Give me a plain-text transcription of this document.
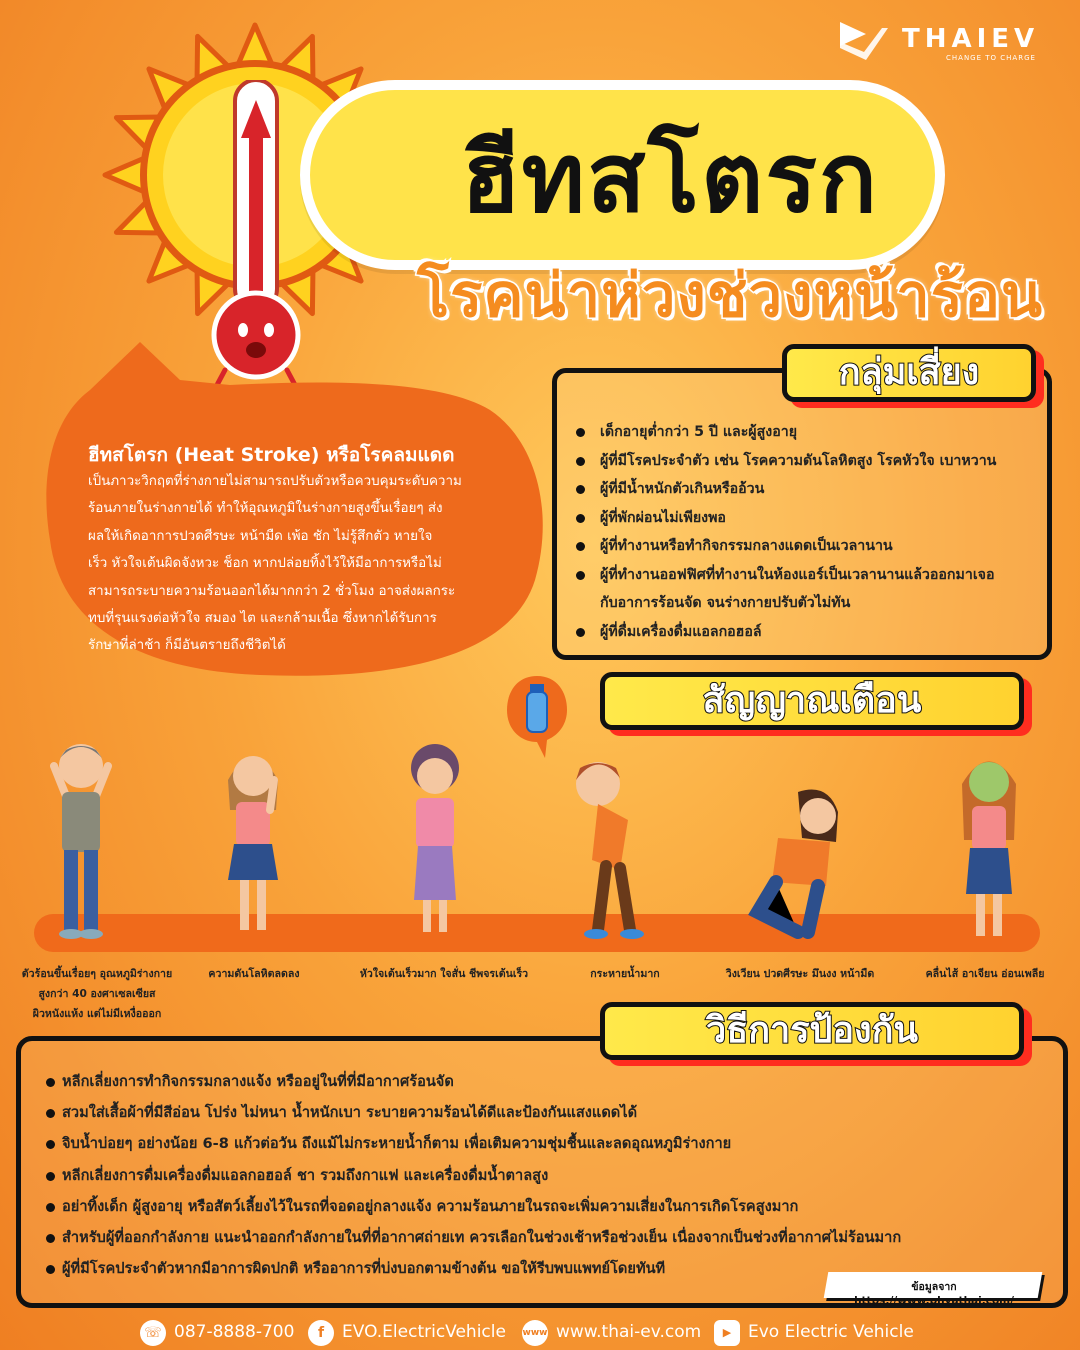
THAIEV
CHANGE TO CHARGE
ฮีทสโตรก
โรคน่าห่วงช่วงหน้าร้อน
ฮีทสโตรก (Heat Stroke) หรือโรคลมแดด
เป็นภาวะวิกฤตที่ร่างกายไม่สามารถปรับตัวหรือควบคุมระดับความ
ร้อนภายในร่างกายได้ ทำให้อุณหภูมิในร่างกายสูงขึ้นเรื่อยๆ ส่ง
ผลให้เกิดอาการปวดศีรษะ หน้ามืด เพ้อ ชัก ไม่รู้สึกตัว หายใจ
เร็ว หัวใจเต้นผิดจังหวะ ช็อก หากปล่อยทิ้งไว้ให้มีอาการหรือไม่
สามารถระบายความร้อนออกได้มากกว่า 2 ชั่วโมง อาจส่งผลกระ
ทบที่รุนแรงต่อหัวใจ สมอง ไต และกล้ามเนื้อ ซึ่งหากได้รับการ
รักษาที่ล่าช้า ก็มีอันตรายถึงชีวิตได้
กลุ่มเสี่ยง
เด็กอายุต่ำกว่า 5 ปี และผู้สูงอายุ
ผู้ที่มีโรคประจำตัว เช่น โรคความดันโลหิตสูง โรคหัวใจ เบาหวาน
ผู้ที่มีน้ำหนักตัวเกินหรืออ้วน
ผู้ที่พักผ่อนไม่เพียงพอ
ผู้ที่ทำงานหรือทำกิจกรรมกลางแดดเป็นเวลานาน
ผู้ที่ทำงานออฟฟิศที่ทำงานในห้องแอร์เป็นเวลานานแล้วออกมาเจอ
กับอาการร้อนจัด จนร่างกายปรับตัวไม่ทัน
ผู้ที่ดื่มเครื่องดื่มแอลกอฮอล์
สัญญาณเตือน
ตัวร้อนขึ้นเรื่อยๆ อุณหภูมิร่างกาย
สูงกว่า 40 องศาเซลเซียส
ผิวหนังแห้ง แต่ไม่มีเหงื่อออก
ความดันโลหิตลดลง	หัวใจเต้นเร็วมาก ใจสั่น ชีพจรเต้นเร็ว	กระหายน้ำมาก	วิงเวียน ปวดศีรษะ มึนงง หน้ามืด	คลื่นไส้ อาเจียน อ่อนเพลีย
วิธีการป้องกัน
หลีกเลี่ยงการทำกิจกรรมกลางแจ้ง หรืออยู่ในที่ที่มีอากาศร้อนจัด
สวมใส่เสื้อผ้าที่มีสีอ่อน โปร่ง ไม่หนา น้ำหนักเบา ระบายความร้อนได้ดีและป้องกันแสงแดดได้
จิบน้ำบ่อยๆ อย่างน้อย 6-8 แก้วต่อวัน ถึงแม้ไม่กระหายน้ำก็ตาม เพื่อเติมความชุ่มชื้นและลดอุณหภูมิร่างกาย
หลีกเลี่ยงการดื่มเครื่องดื่มแอลกอฮอล์ ชา รวมถึงกาแฟ และเครื่องดื่มน้ำตาลสูง
อย่าทิ้งเด็ก ผู้สูงอายุ หรือสัตว์เลี้ยงไว้ในรถที่จอดอยู่กลางแจ้ง ความร้อนภายในรถจะเพิ่มความเสี่ยงในการเกิดโรคสูงมาก
สำหรับผู้ที่ออกกำลังกาย แนะนำออกกำลังกายในที่ที่อากาศถ่ายเท ควรเลือกในช่วงเช้าหรือช่วงเย็น เนื่องจากเป็นช่วงที่อากาศไม่ร้อนมาก
ผู้ที่มีโรคประจำตัวหากมีอาการผิดปกติ หรืออาการที่บ่งบอกตามข้างต้น ขอให้รีบพบแพทย์โดยทันที
ข้อมูลจาก https://www.phyathai.com/
☏ 087-8888-700	f	EVO.ElectricVehicle www www.thai-ev.com	▶ Evo Electric Vehicle
